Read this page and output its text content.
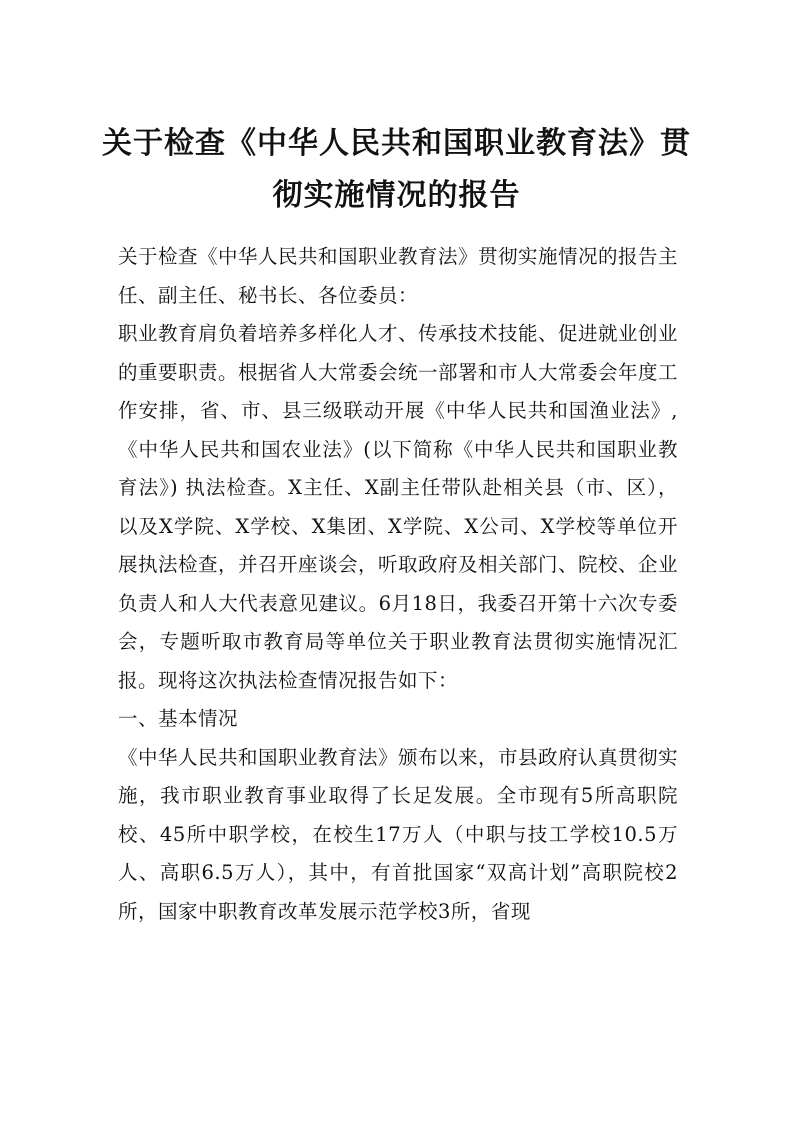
关于检查《中华人民共和国职业教育法》贯彻实施情况的报告

关于检查《中华人民共和国职业教育法》贯彻实施情况的报告主任、副主任、秘书长、各位委员：

职业教育肩负着培养多样化人才、传承技术技能、促进就业创业的重要职责。根据省人大常委会统一部署和市人大常委会年度工作安排，省、市、县三级联动开展《中华人民共和国渔业法》,《中华人民共和国农业法》(以下简称《中华人民共和国职业教育法》) 执法检查。X主任、X副主任带队赴相关县（市、区），以及X学院、X学校、X集团、X学院、X公司、X学校等单位开展执法检查，并召开座谈会，听取政府及相关部门、院校、企业负责人和人大代表意见建议。6月18日，我委召开第十六次专委会，专题听取市教育局等单位关于职业教育法贯彻实施情况汇报。现将这次执法检查情况报告如下：

一、基本情况

《中华人民共和国职业教育法》颁布以来，市县政府认真贯彻实施，我市职业教育事业取得了长足发展。全市现有5所高职院校、45所中职学校，在校生17万人（中职与技工学校10.5万人、高职6.5万人），其中，有首批国家“双高计划”高职院校2所，国家中职教育改革发展示范学校3所，省现
